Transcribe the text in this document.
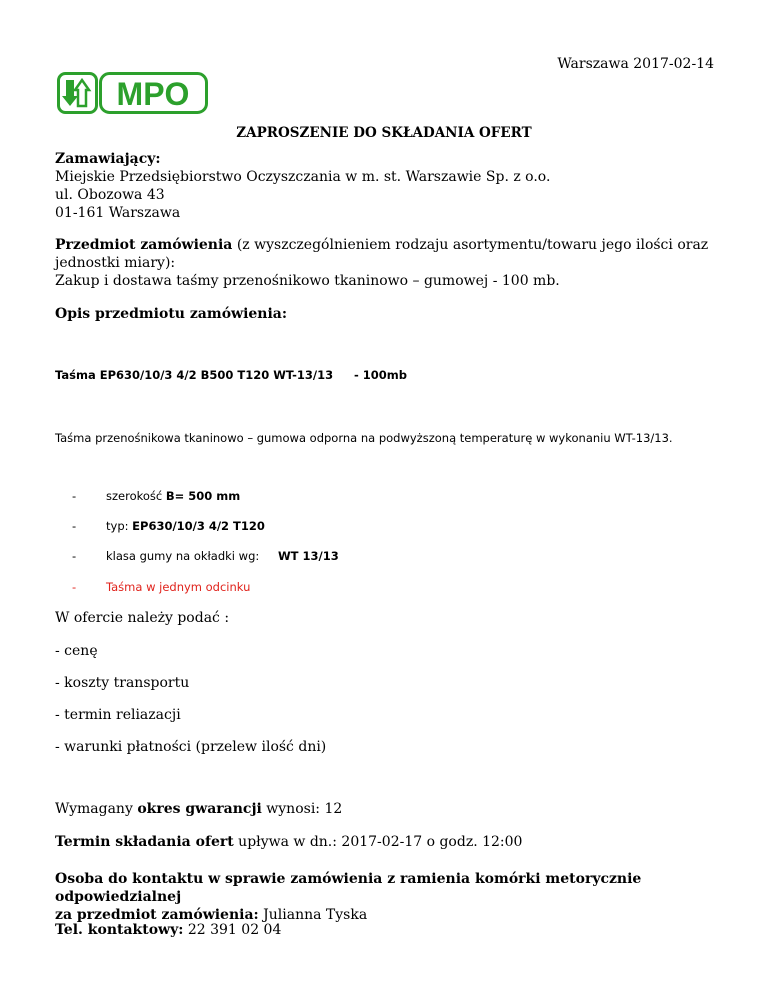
Warszawa 2017-02-14
MPO
ZAPROSZENIE DO SKŁADANIA OFERT
Zamawiający:
Miejskie Przedsiębiorstwo Oczyszczania w m. st. Warszawie Sp. z o.o.
ul. Obozowa 43
01-161 Warszawa
Przedmiot zamówienia (z wyszczególnieniem rodzaju asortymentu/towaru jego ilości oraz
jednostki miary):
Zakup i dostawa taśmy przenośnikowo tkaninowo – gumowej - 100 mb.
Opis przedmiotu zamówienia:
Taśma EP630/10/3 4/2 B500 T120 WT-13/13 - 100mb
Taśma przenośnikowa tkaninowo – gumowa odporna na podwyższoną temperaturę w wykonaniu WT-13/13.
-	szerokość B= 500 mm
-	typ: EP630/10/3 4/2 T120
-	klasa gumy na okładki wg: WT 13/13
-	Taśma w jednym odcinku
W ofercie należy podać :
- cenę
- koszty transportu
- termin reliazacji
- warunki płatności (przelew ilość dni)
Wymagany okres gwarancji wynosi: 12
Termin składania ofert upływa w dn.: 2017-02-17 o godz. 12:00
Osoba do kontaktu w sprawie zamówienia z ramienia komórki metorycznie odpowiedzialnej
za przedmiot zamówienia: Julianna Tyska
Tel. kontaktowy: 22 391 02 04
